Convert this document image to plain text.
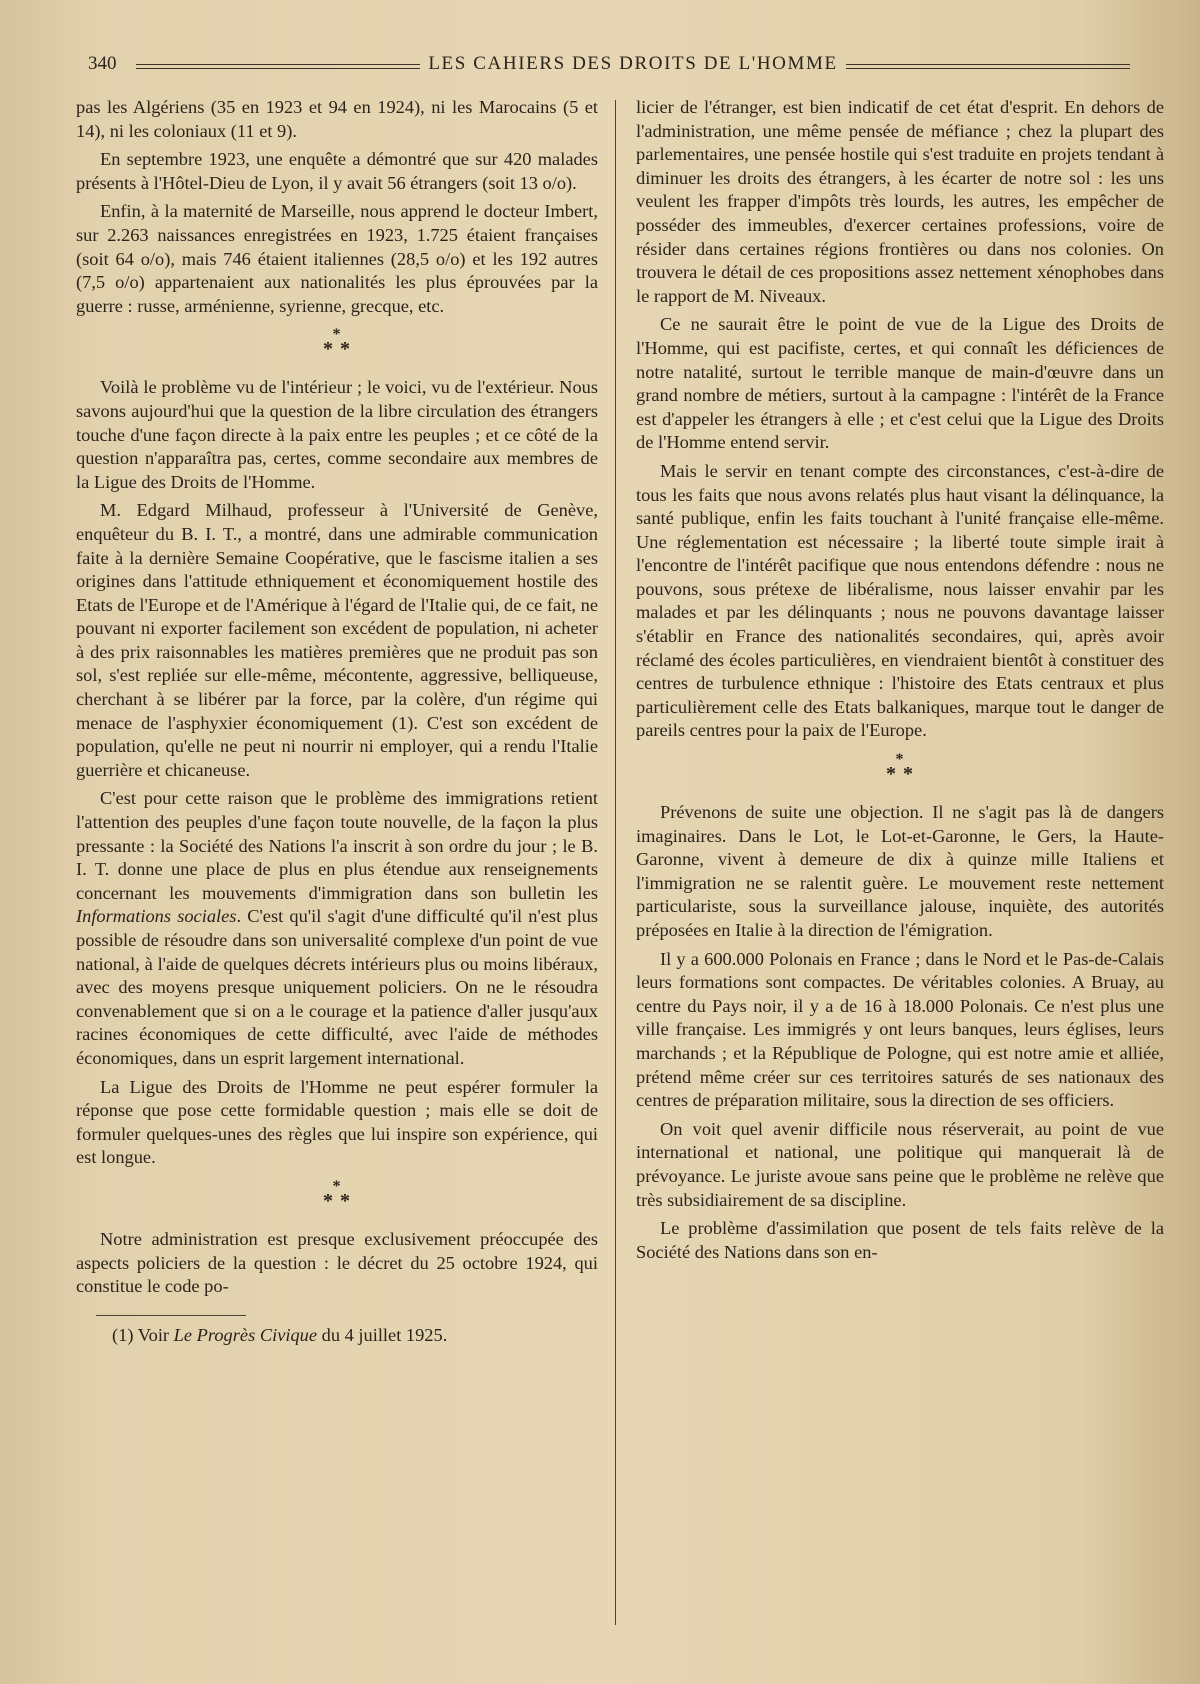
340	LES CAHIERS DES DROITS DE L'HOMME

pas les Algériens (35 en 1923 et 94 en 1924), ni les Marocains (5 et 14), ni les coloniaux (11 et 9).

En septembre 1923, une enquête a démontré que sur 420 malades présents à l'Hôtel-Dieu de Lyon, il y avait 56 étrangers (soit 13 o/o).

Enfin, à la maternité de Marseille, nous apprend le docteur Imbert, sur 2.263 naissances enregistrées en 1923, 1.725 étaient françaises (soit 64 o/o), mais 746 étaient italiennes (28,5 o/o) et les 192 autres (7,5 o/o) appartenaient aux nationalités les plus éprouvées par la guerre : russe, arménienne, syrienne, grecque, etc.

*
* *

Voilà le problème vu de l'intérieur ; le voici, vu de l'extérieur. Nous savons aujourd'hui que la question de la libre circulation des étrangers touche d'une façon directe à la paix entre les peuples ; et ce côté de la question n'apparaîtra pas, certes, comme secondaire aux membres de la Ligue des Droits de l'Homme.

M. Edgard Milhaud, professeur à l'Université de Genève, enquêteur du B. I. T., a montré, dans une admirable communication faite à la dernière Semaine Coopérative, que le fascisme italien a ses origines dans l'attitude ethniquement et économiquement hostile des Etats de l'Europe et de l'Amérique à l'égard de l'Italie qui, de ce fait, ne pouvant ni exporter facilement son excédent de population, ni acheter à des prix raisonnables les matières premières que ne produit pas son sol, s'est repliée sur elle-même, mécontente, aggressive, belliqueuse, cherchant à se libérer par la force, par la colère, d'un régime qui menace de l'asphyxier économiquement (1). C'est son excédent de population, qu'elle ne peut ni nourrir ni employer, qui a rendu l'Italie guerrière et chicaneuse.

C'est pour cette raison que le problème des immigrations retient l'attention des peuples d'une façon toute nouvelle, de la façon la plus pressante : la Société des Nations l'a inscrit à son ordre du jour ; le B. I. T. donne une place de plus en plus étendue aux renseignements concernant les mouvements d'immigration dans son bulletin les Informations sociales. C'est qu'il s'agit d'une difficulté qu'il n'est plus possible de résoudre dans son universalité complexe d'un point de vue national, à l'aide de quelques décrets intérieurs plus ou moins libéraux, avec des moyens presque uniquement policiers. On ne le résoudra convenablement que si on a le courage et la patience d'aller jusqu'aux racines économiques de cette difficulté, avec l'aide de méthodes économiques, dans un esprit largement international.

La Ligue des Droits de l'Homme ne peut espérer formuler la réponse que pose cette formidable question ; mais elle se doit de formuler quelques-unes des règles que lui inspire son expérience, qui est longue.

*
* *

Notre administration est presque exclusivement préoccupée des aspects policiers de la question : le décret du 25 octobre 1924, qui constitue le code po-

(1) Voir Le Progrès Civique du 4 juillet 1925.

licier de l'étranger, est bien indicatif de cet état d'esprit. En dehors de l'administration, une même pensée de méfiance ; chez la plupart des parlementaires, une pensée hostile qui s'est traduite en projets tendant à diminuer les droits des étrangers, à les écarter de notre sol : les uns veulent les frapper d'impôts très lourds, les autres, les empêcher de posséder des immeubles, d'exercer certaines professions, voire de résider dans certaines régions frontières ou dans nos colonies. On trouvera le détail de ces propositions assez nettement xénophobes dans le rapport de M. Niveaux.

Ce ne saurait être le point de vue de la Ligue des Droits de l'Homme, qui est pacifiste, certes, et qui connaît les déficiences de notre natalité, surtout le terrible manque de main-d'œuvre dans un grand nombre de métiers, surtout à la campagne : l'intérêt de la France est d'appeler les étrangers à elle ; et c'est celui que la Ligue des Droits de l'Homme entend servir.

Mais le servir en tenant compte des circonstances, c'est-à-dire de tous les faits que nous avons relatés plus haut visant la délinquance, la santé publique, enfin les faits touchant à l'unité française elle-même. Une réglementation est nécessaire ; la liberté toute simple irait à l'encontre de l'intérêt pacifique que nous entendons défendre : nous ne pouvons, sous prétexe de libéralisme, nous laisser envahir par les malades et par les délinquants ; nous ne pouvons davantage laisser s'établir en France des nationalités secondaires, qui, après avoir réclamé des écoles particulières, en viendraient bientôt à constituer des centres de turbulence ethnique : l'histoire des Etats centraux et plus particulièrement celle des Etats balkaniques, marque tout le danger de pareils centres pour la paix de l'Europe.

*
* *

Prévenons de suite une objection. Il ne s'agit pas là de dangers imaginaires. Dans le Lot, le Lot-et-Garonne, le Gers, la Haute-Garonne, vivent à demeure de dix à quinze mille Italiens et l'immigration ne se ralentit guère. Le mouvement reste nettement particulariste, sous la surveillance jalouse, inquiète, des autorités préposées en Italie à la direction de l'émigration.

Il y a 600.000 Polonais en France ; dans le Nord et le Pas-de-Calais leurs formations sont compactes. De véritables colonies. A Bruay, au centre du Pays noir, il y a de 16 à 18.000 Polonais. Ce n'est plus une ville française. Les immigrés y ont leurs banques, leurs églises, leurs marchands ; et la République de Pologne, qui est notre amie et alliée, prétend même créer sur ces territoires saturés de ses nationaux des centres de préparation militaire, sous la direction de ses officiers.

On voit quel avenir difficile nous réserverait, au point de vue international et national, une politique qui manquerait là de prévoyance. Le juriste avoue sans peine que le problème ne relève que très subsidiairement de sa discipline.

Le problème d'assimilation que posent de tels faits relève de la Société des Nations dans son en-
